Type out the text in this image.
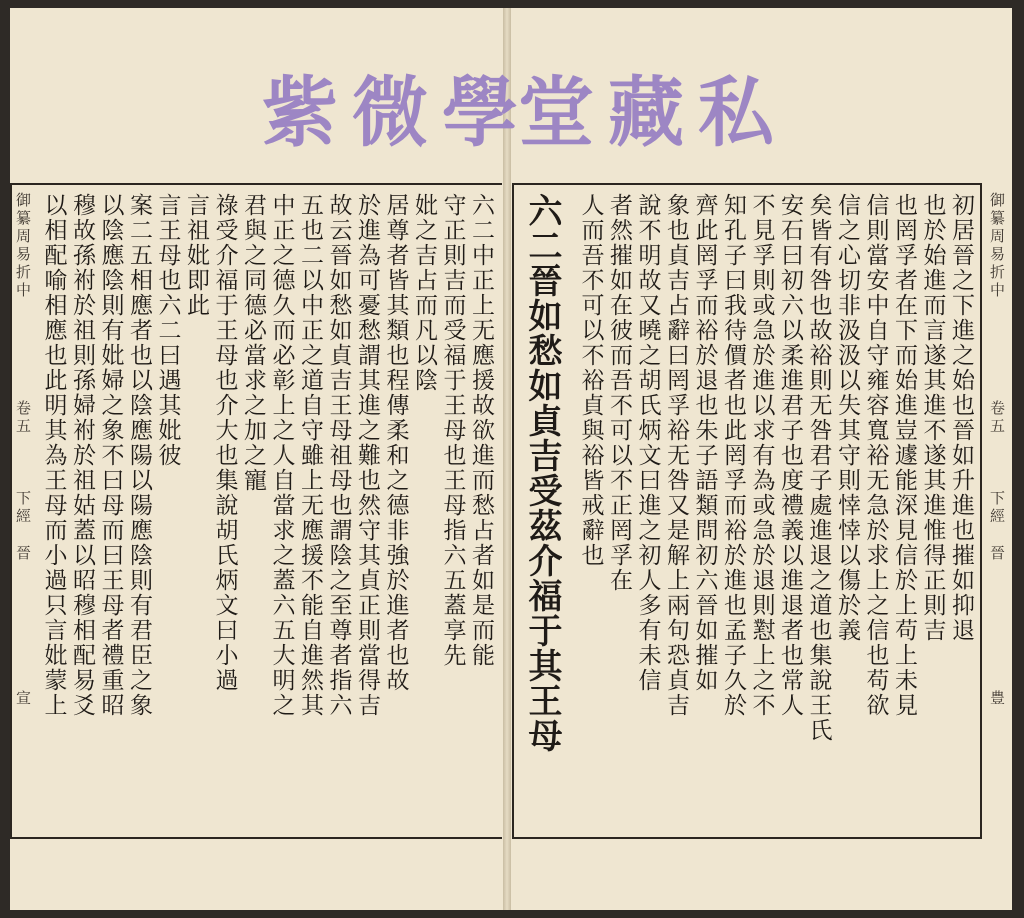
紫微學
堂藏私
六二中正上无應援故欲進而愁占者如是而能
守正則吉而受福于王母也王母指六五蓋享先
妣之吉占而凡以陰
居尊者皆其類也程傳柔和之德非強於進者也故
於進為可憂愁謂其進之難也然守其貞正則當得吉
故云晉如愁如貞吉王母祖母也謂陰之至尊者指六
五也二以中正之道自守雖上无應援不能自進然其
中正之德久而必彰上之人自當求之蓋六五大明之
君與之同德必當求之加之寵
祿受介福于王母也介大也集說胡氏炳文曰小過
言祖妣即此
言王母也六二曰遇其妣彼
案二五相應者也以陰應陽以陽應陰則有君臣之象
以陰應陰則有妣婦之象不曰母而曰王母者禮重昭
穆故孫祔於祖則孫婦祔於祖姑蓋以昭穆相配易爻
以相配喻相應也此明其為王母而小過只言妣蒙上
御纂周易折中
卷五
下經
晉
宣	六二晉如愁如貞吉受茲介福于其王母	初居晉之下進之始也晉如升進也摧如抑退
也於始進而言遂其進不遂其進惟得正則吉
也罔孚者在下而始進豈遽能深見信於上苟上未見
信則當安中自守雍容寬裕无急於求上之信也苟欲
信之心切非汲汲以失其守則悻悻以傷於義
矣皆有咎也故裕則无咎君子處進退之道也集說王氏
安石曰初六以柔進君子也度禮義以進退者也常人
不見孚則或急於進以求有為或急於退則懟上之不
知孔子曰我待價者也此罔孚而裕於進也孟子久於
齊此罔孚而裕於退也朱子語類問初六晉如摧如
象也貞吉占辭曰罔孚裕无咎又是解上兩句恐貞吉
說不明故又曉之胡氏炳文曰進之初人多有未信
者然摧如在彼而吾不可以不正罔孚在
人而吾不可以不裕貞與裕皆戒辭也	御纂周易折中
卷五
下經
晉
豊
